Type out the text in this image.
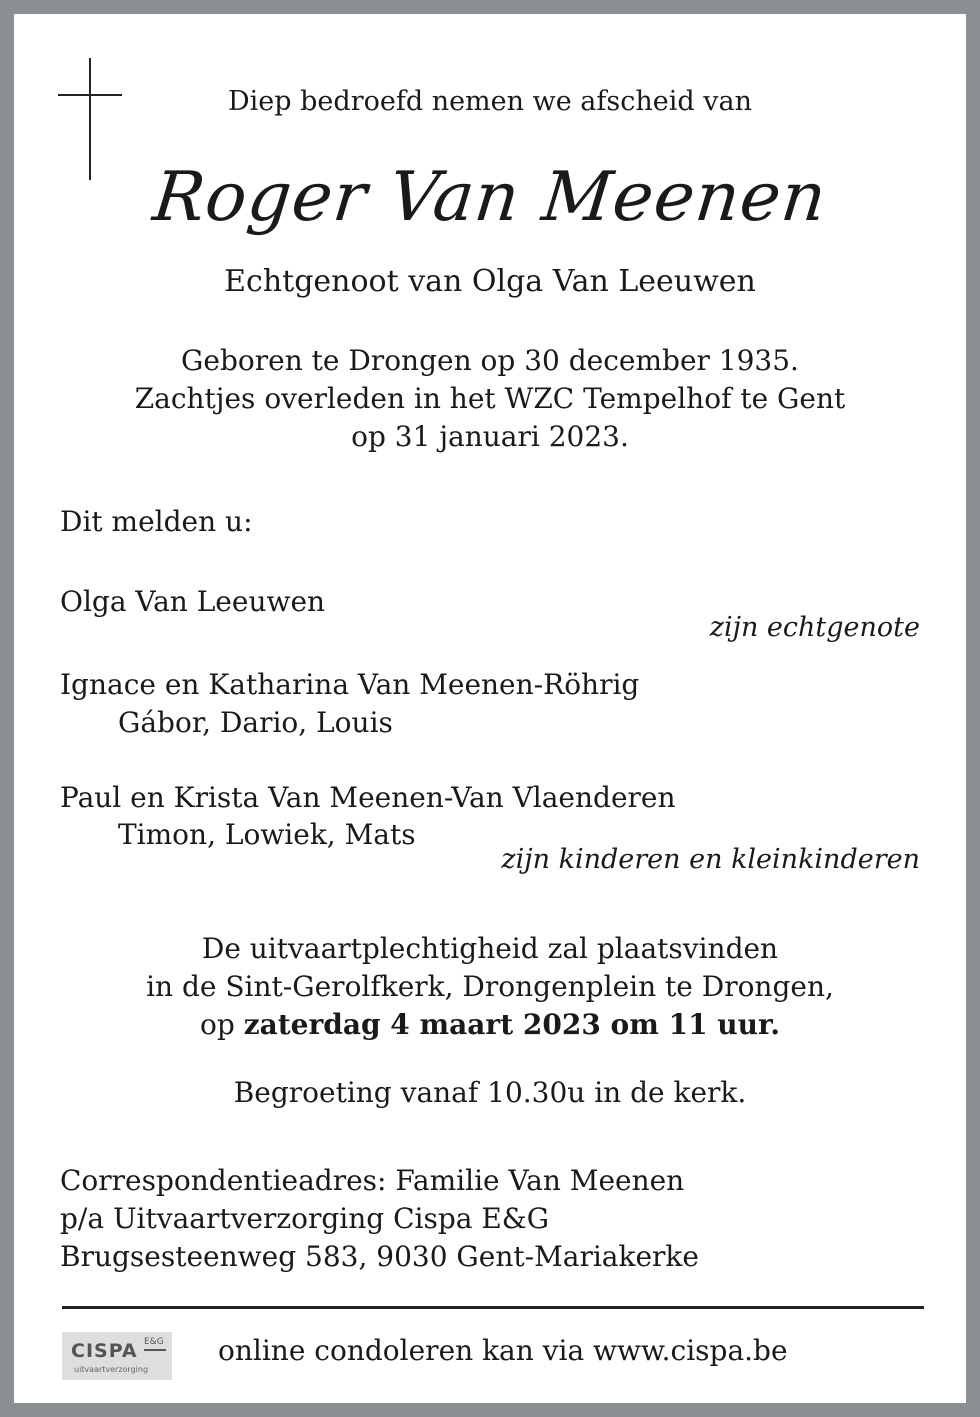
Diep bedroefd nemen we afscheid van
Roger Van Meenen
Echtgenoot van Olga Van Leeuwen
Geboren te Drongen op 30 december 1935.
Zachtjes overleden in het WZC Tempelhof te Gent
op 31 januari 2023.
Dit melden u:
Olga Van Leeuwen
zijn echtgenote
Ignace en Katharina Van Meenen-Röhrig
Gábor, Dario, Louis
Paul en Krista Van Meenen-Van Vlaenderen
Timon, Lowiek, Mats
zijn kinderen en kleinkinderen
De uitvaartplechtigheid zal plaatsvinden
in de Sint-Gerolfkerk, Drongenplein te Drongen,
op zaterdag 4 maart 2023 om 11 uur.
Begroeting vanaf 10.30u in de kerk.
Correspondentieadres: Familie Van Meenen
p/a Uitvaartverzorging Cispa E&G
Brugsesteenweg 583, 9030 Gent-Mariakerke
CISPA E&G
uitvaartverzorging
online condoleren kan via www.cispa.be
